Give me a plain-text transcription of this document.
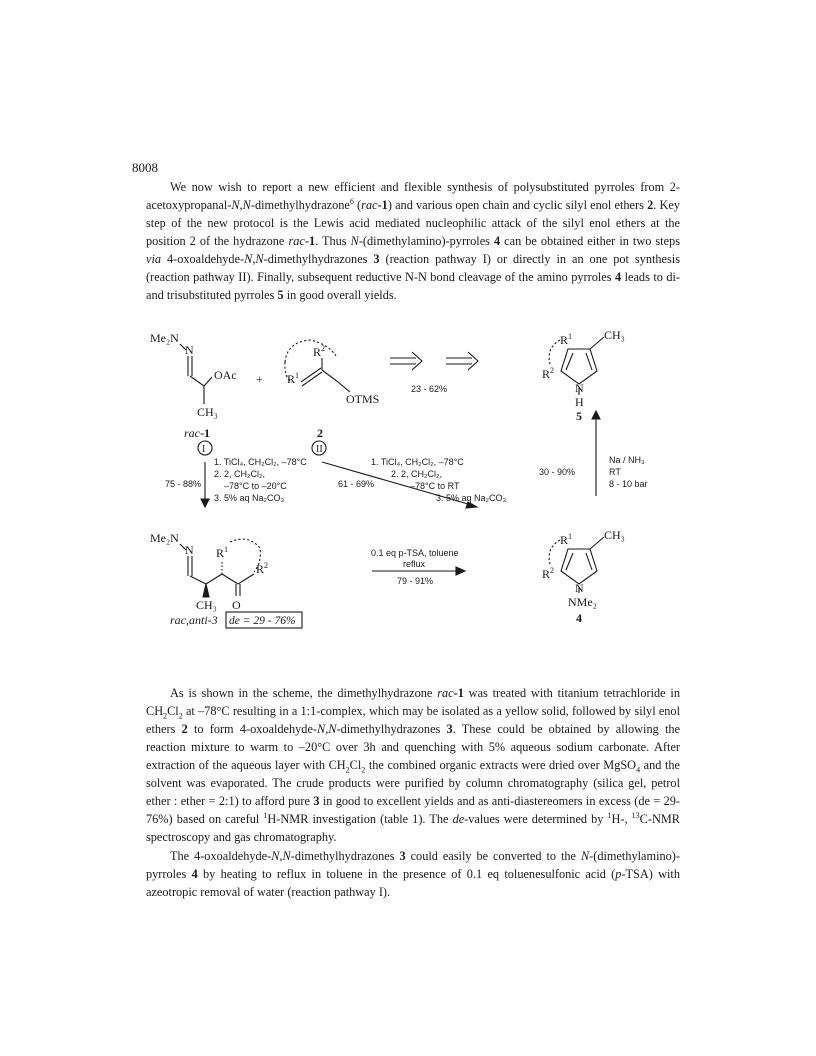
8008

We now wish to report a new efficient and flexible synthesis of polysubstituted pyrroles from 2-acetoxypropanal-N,N-dimethylhydrazone$^6$ (rac-1) and various open chain and cyclic silyl enol ethers 2. Key step of the new protocol is the Lewis acid mediated nucleophilic attack of the silyl enol ethers at the position 2 of the hydrazone rac-1. Thus N-(dimethylamino)-pyrroles 4 can be obtained either in two steps via 4-oxoaldehyde-N,N-dimethylhydrazones 3 (reaction pathway I) or directly in an one pot synthesis (reaction pathway II). Finally, subsequent reductive N-N bond cleavage of the amino pyrroles 4 leads to di- and trisubstituted pyrroles 5 in good overall yields.

Me₂N
N
OAc
CH₃
rac-1
+
$R^2$
$R^1$
OTMS
2
23 - 62%
$R^1$	CH₃
$R^2$
N
H
5
I
75 - 88%
1. TiCl₄, CH₂Cl₂, –78°C
2. 2, CH₂Cl₂,
–78°C to –20°C
3. 5% aq Na₂CO₃
II
61 - 69%
1. TiCl₄, CH₂Cl₂, –78°C
2. 2, CH₂Cl₂,
–78°C to RT
3. 5% aq Na₂CO₃
30 - 90%
Na / NH₃
RT
8 - 10 bar
Me₂N
N $R^1$
$R^2$
CH₃ O
rac,anti-3 de = 29 - 76%
0.1 eq p-TSA, toluene
reflux
79 - 91%
$R^1$	CH₃
$R^2$
N
NMe₂
4

As is shown in the scheme, the dimethylhydrazone rac-1 was treated with titanium tetrachloride in $CH_2Cl_2$ at –78°C resulting in a 1:1-complex, which may be isolated as a yellow solid, followed by silyl enol ethers 2 to form 4-oxoaldehyde-N,N-dimethylhydrazones 3. These could be obtained by allowing the reaction mixture to warm to –20°C over 3h and quenching with 5% aqueous sodium carbonate. After extraction of the aqueous layer with $CH_2Cl_2$ the combined organic extracts were dried over MgSO$_4$ and the solvent was evaporated. The crude products were purified by column chromatography (silica gel, petrol ether : ether = 2:1) to afford pure 3 in good to excellent yields and as anti-diastereomers in excess (de = 29-76%) based on careful $^1$H-NMR investigation (table 1). The de-values were determined by $^1$H-, $^{13}$C-NMR spectroscopy and gas chromatography.

The 4-oxoaldehyde-N,N-dimethylhydrazones 3 could easily be converted to the N-(dimethylamino)-pyrroles 4 by heating to reflux in toluene in the presence of 0.1 eq toluenesulfonic acid (p-TSA) with azeotropic removal of water (reaction pathway I).
